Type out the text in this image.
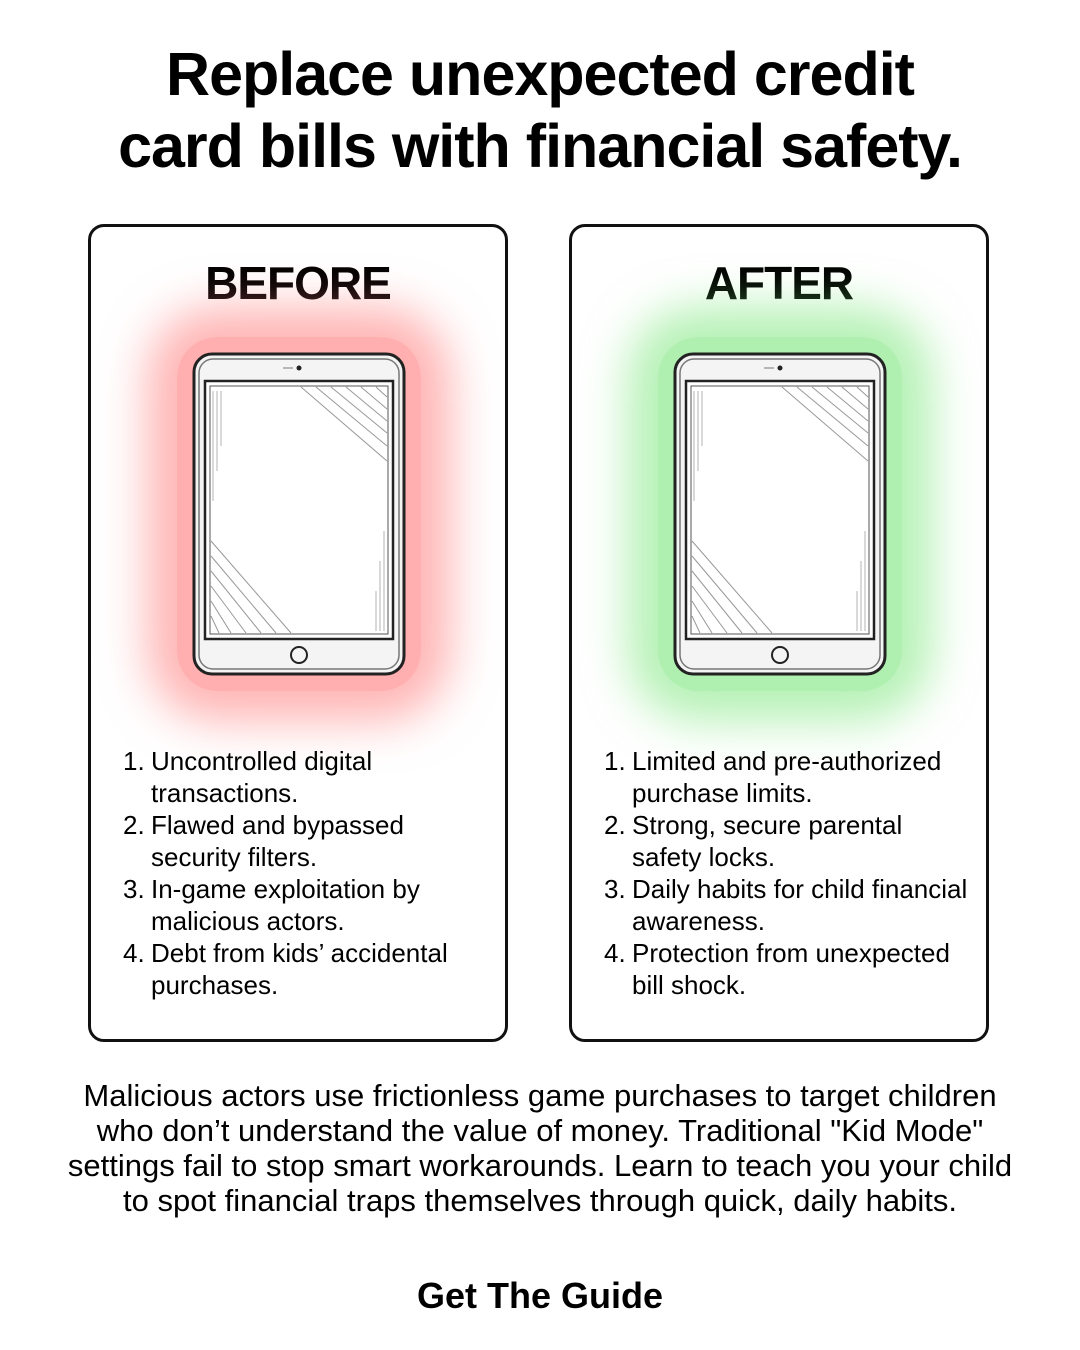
Replace unexpected credit
card bills with financial safety.
BEFORE
1. Uncontrolled digital transactions.
2. Flawed and bypassed security filters.
3. In-game exploitation by malicious actors.
4. Debt from kids’ accidental purchases.
AFTER
1. Limited and pre-authorized purchase limits.
2. Strong, secure parental safety locks.
3. Daily habits for child financial awareness.
4. Protection from unexpected bill shock.

Malicious actors use frictionless game purchases to target children who don’t understand the value of money. Traditional "Kid Mode" settings fail to stop smart workarounds. Learn to teach you your child to spot financial traps themselves through quick, daily habits.

Get The Guide
